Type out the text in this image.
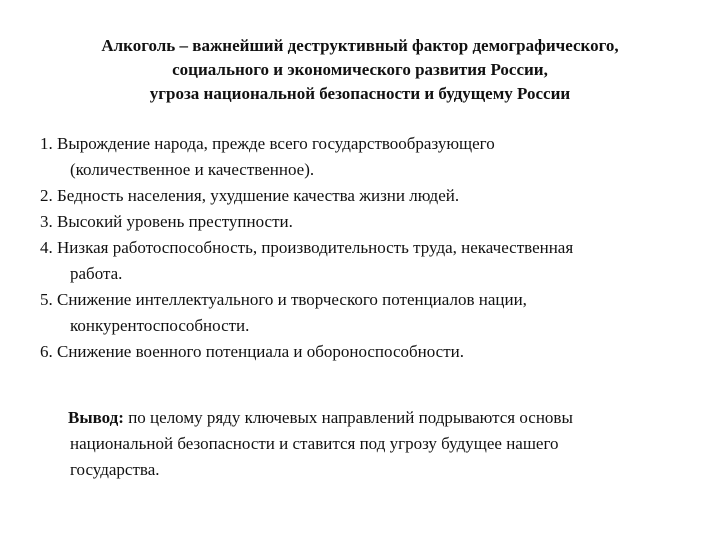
Алкоголь – важнейший деструктивный фактор демографического,
социального и экономического развития России,
угроза национальной безопасности и будущему России
1. Вырождение народа, прежде всего государствообразующего
(количественное и качественное).
2. Бедность населения, ухудшение качества жизни людей.
3. Высокий уровень преступности.
4. Низкая работоспособность, производительность труда, некачественная
работа.
5. Снижение интеллектуального и творческого потенциалов нации,
конкурентоспособности.
6. Снижение военного потенциала и обороноспособности.
Вывод: по целому ряду ключевых направлений подрываются основы
национальной безопасности и ставится под угрозу будущее нашего
государства.
